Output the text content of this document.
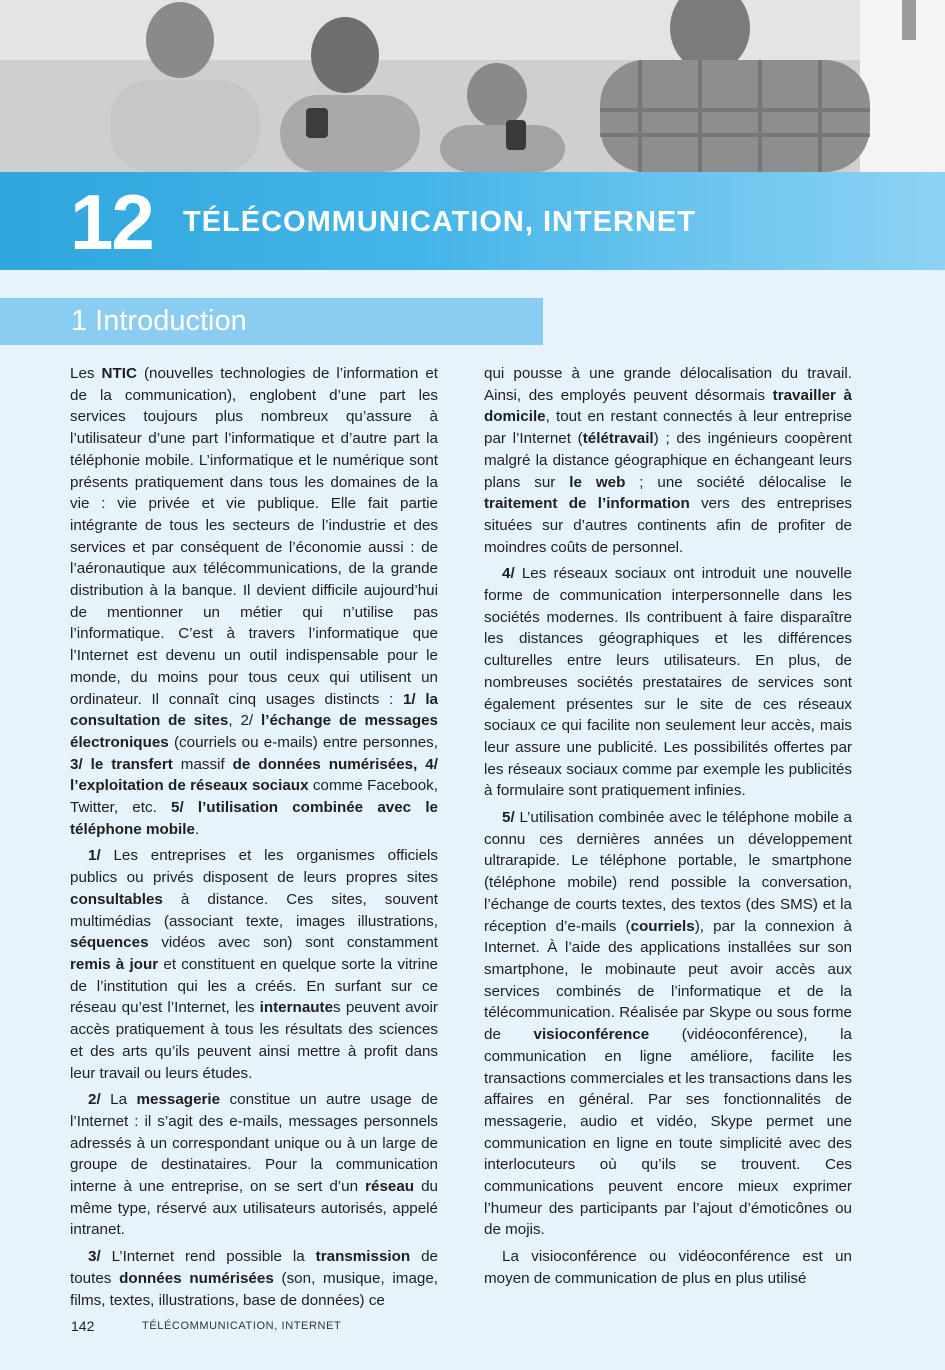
12 TÉLÉCOMMUNICATION, INTERNET
1 Introduction

Les NTIC (nouvelles technologies de l’information et de la communication), englobent d’une part les services toujours plus nombreux qu’assure à l’utilisateur d’une part l’informatique et d’autre part la téléphonie mobile. L’informatique et le numérique sont présents pratiquement dans tous les domaines de la vie : vie privée et vie publique. Elle fait partie intégrante de tous les secteurs de l’industrie et des services et par conséquent de l’économie aussi : de l’aéronautique aux télécommunications, de la grande distribution à la banque. Il devient difficile aujourd’hui de mentionner un métier qui n’utilise pas l’informatique. C’est à travers l’informatique que l’Internet est devenu un outil indispensable pour le monde, du moins pour tous ceux qui utilisent un ordinateur. Il connaît cinq usages distincts : 1/ la consultation de sites, 2/ l’échange de messages électroniques (courriels ou e-mails) entre personnes, 3/ le transfert massif de données numérisées, 4/ l’exploitation de réseaux sociaux comme Facebook, Twitter, etc. 5/ l’utilisation combinée avec le téléphone mobile.

1/ Les entreprises et les organismes officiels publics ou privés disposent de leurs propres sites consultables à distance. Ces sites, souvent multimédias (associant texte, images illustrations, séquences vidéos avec son) sont constamment remis à jour et constituent en quelque sorte la vitrine de l’institution qui les a créés. En surfant sur ce réseau qu’est l’Internet, les internautes peuvent avoir accès pratiquement à tous les résultats des sciences et des arts qu’ils peuvent ainsi mettre à profit dans leur travail ou leurs études.

2/ La messagerie constitue un autre usage de l’Internet : il s’agit des e-mails, messages personnels adressés à un correspondant unique ou à un large de groupe de destinataires. Pour la communication interne à une entreprise, on se sert d’un réseau du même type, réservé aux utilisateurs autorisés, appelé intranet.

3/ L’Internet rend possible la transmission de toutes données numérisées (son, musique, image, films, textes, illustrations, base de données) ce

qui pousse à une grande délocalisation du travail. Ainsi, des employés peuvent désormais travailler à domicile, tout en restant connectés à leur entreprise par l’Internet (télétravail) ; des ingénieurs coopèrent malgré la distance géographique en échangeant leurs plans sur le web ; une société délocalise le traitement de l’information vers des entreprises situées sur d’autres continents afin de profiter de moindres coûts de personnel.

4/ Les réseaux sociaux ont introduit une nouvelle forme de communication interpersonnelle dans les sociétés modernes. Ils contribuent à faire disparaître les distances géographiques et les différences culturelles entre leurs utilisateurs. En plus, de nombreuses sociétés prestataires de services sont également présentes sur le site de ces réseaux sociaux ce qui facilite non seulement leur accès, mais leur assure une publicité. Les possibilités offertes par les réseaux sociaux comme par exemple les publicités à formulaire sont pratiquement infinies.

5/ L’utilisation combinée avec le téléphone mobile a connu ces dernières années un développement ultrarapide. Le téléphone portable, le smartphone (téléphone mobile) rend possible la conversation, l’échange de courts textes, des textos (des SMS) et la réception d’e-mails (courriels), par la connexion à Internet. À l’aide des applications installées sur son smartphone, le mobinaute peut avoir accès aux services combinés de l’informatique et de la télécommunication. Réalisée par Skype ou sous forme de visioconférence (vidéoconférence), la communication en ligne améliore, facilite les transactions commerciales et les transactions dans les affaires en général. Par ses fonctionnalités de messagerie, audio et vidéo, Skype permet une communication en ligne en toute simplicité avec des interlocuteurs où qu’ils se trouvent. Ces communications peuvent encore mieux exprimer l’humeur des participants par l’ajout d’émoticônes ou de mojis.

La visioconférence ou vidéoconférence est un moyen de communication de plus en plus utilisé

142	TÉLÉCOMMUNICATION, INTERNET
